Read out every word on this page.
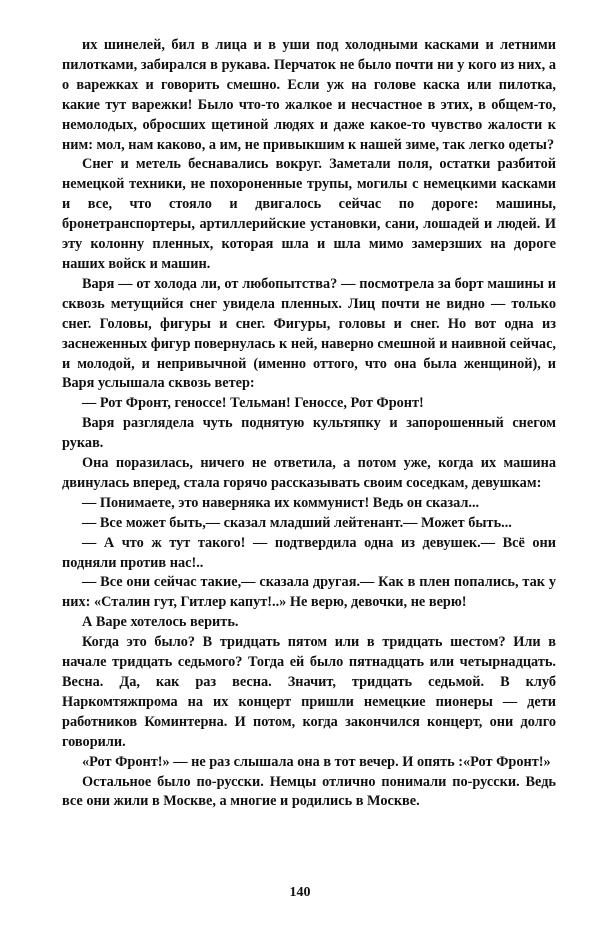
их шинелей, бил в лица и в уши под холодными касками и летними пилотками, забирался в рукава. Перчаток не было почти ни у кого из них, а о варежках и говорить смешно. Если уж на голове каска или пилотка, какие тут варежки! Было что-то жалкое и несчастное в этих, в общем-то, немолодых, обросших щетиной людях и даже какое-то чувство жалости к ним: мол, нам каково, а им, не привыкшим к нашей зиме, так легко одеты?

Снег и метель беснавались вокруг. Заметали поля, остатки разбитой немецкой техники, не похороненные трупы, могилы с немецкими касками и все, что стояло и двигалось сейчас по дороге: машины, бронетранспортеры, артиллерийские установки, сани, лошадей и людей. И эту колонну пленных, которая шла и шла мимо замерзших на дороге наших войск и машин.

Варя — от холода ли, от любопытства? — посмотрела за борт машины и сквозь метущийся снег увидела пленных. Лиц почти не видно — только снег. Головы, фигуры и снег. Фигуры, головы и снег. Но вот одна из заснеженных фигур повернулась к ней, наверно смешной и наивной сейчас, и молодой, и непривычной (именно оттого, что она была женщиной), и Варя услышала сквозь ветер:

— Рот Фронт, геноссе! Тельман! Геноссе, Рот Фронт!

Варя разглядела чуть поднятую культяпку и запорошенный снегом рукав.

Она поразилась, ничего не ответила, а потом уже, когда их машина двинулась вперед, стала горячо рассказывать своим соседкам, девушкам:

— Понимаете, это наверняка их коммунист! Ведь он сказал...

— Все может быть,— сказал младший лейтенант.— Может быть...

— А что ж тут такого! — подтвердила одна из девушек.— Всё они подняли против нас!..

— Все они сейчас такие,— сказала другая.— Как в плен попались, так у них: «Сталин гут, Гитлер капут!..» Не верю, девочки, не верю!

А Варе хотелось верить.

Когда это было? В тридцать пятом или в тридцать шестом? Или в начале тридцать седьмого? Тогда ей было пятнадцать или четырнадцать. Весна. Да, как раз весна. Значит, тридцать седьмой. В клуб Наркомтяжпрома на их концерт пришли немецкие пионеры — дети работников Коминтерна. И потом, когда закончился концерт, они долго говорили.

«Рот Фронт!» — не раз слышала она в тот вечер. И опять :«Рот Фронт!»

Остальное было по-русски. Немцы отлично понимали по-русски. Ведь все они жили в Москве, а многие и родились в Москве.

140
